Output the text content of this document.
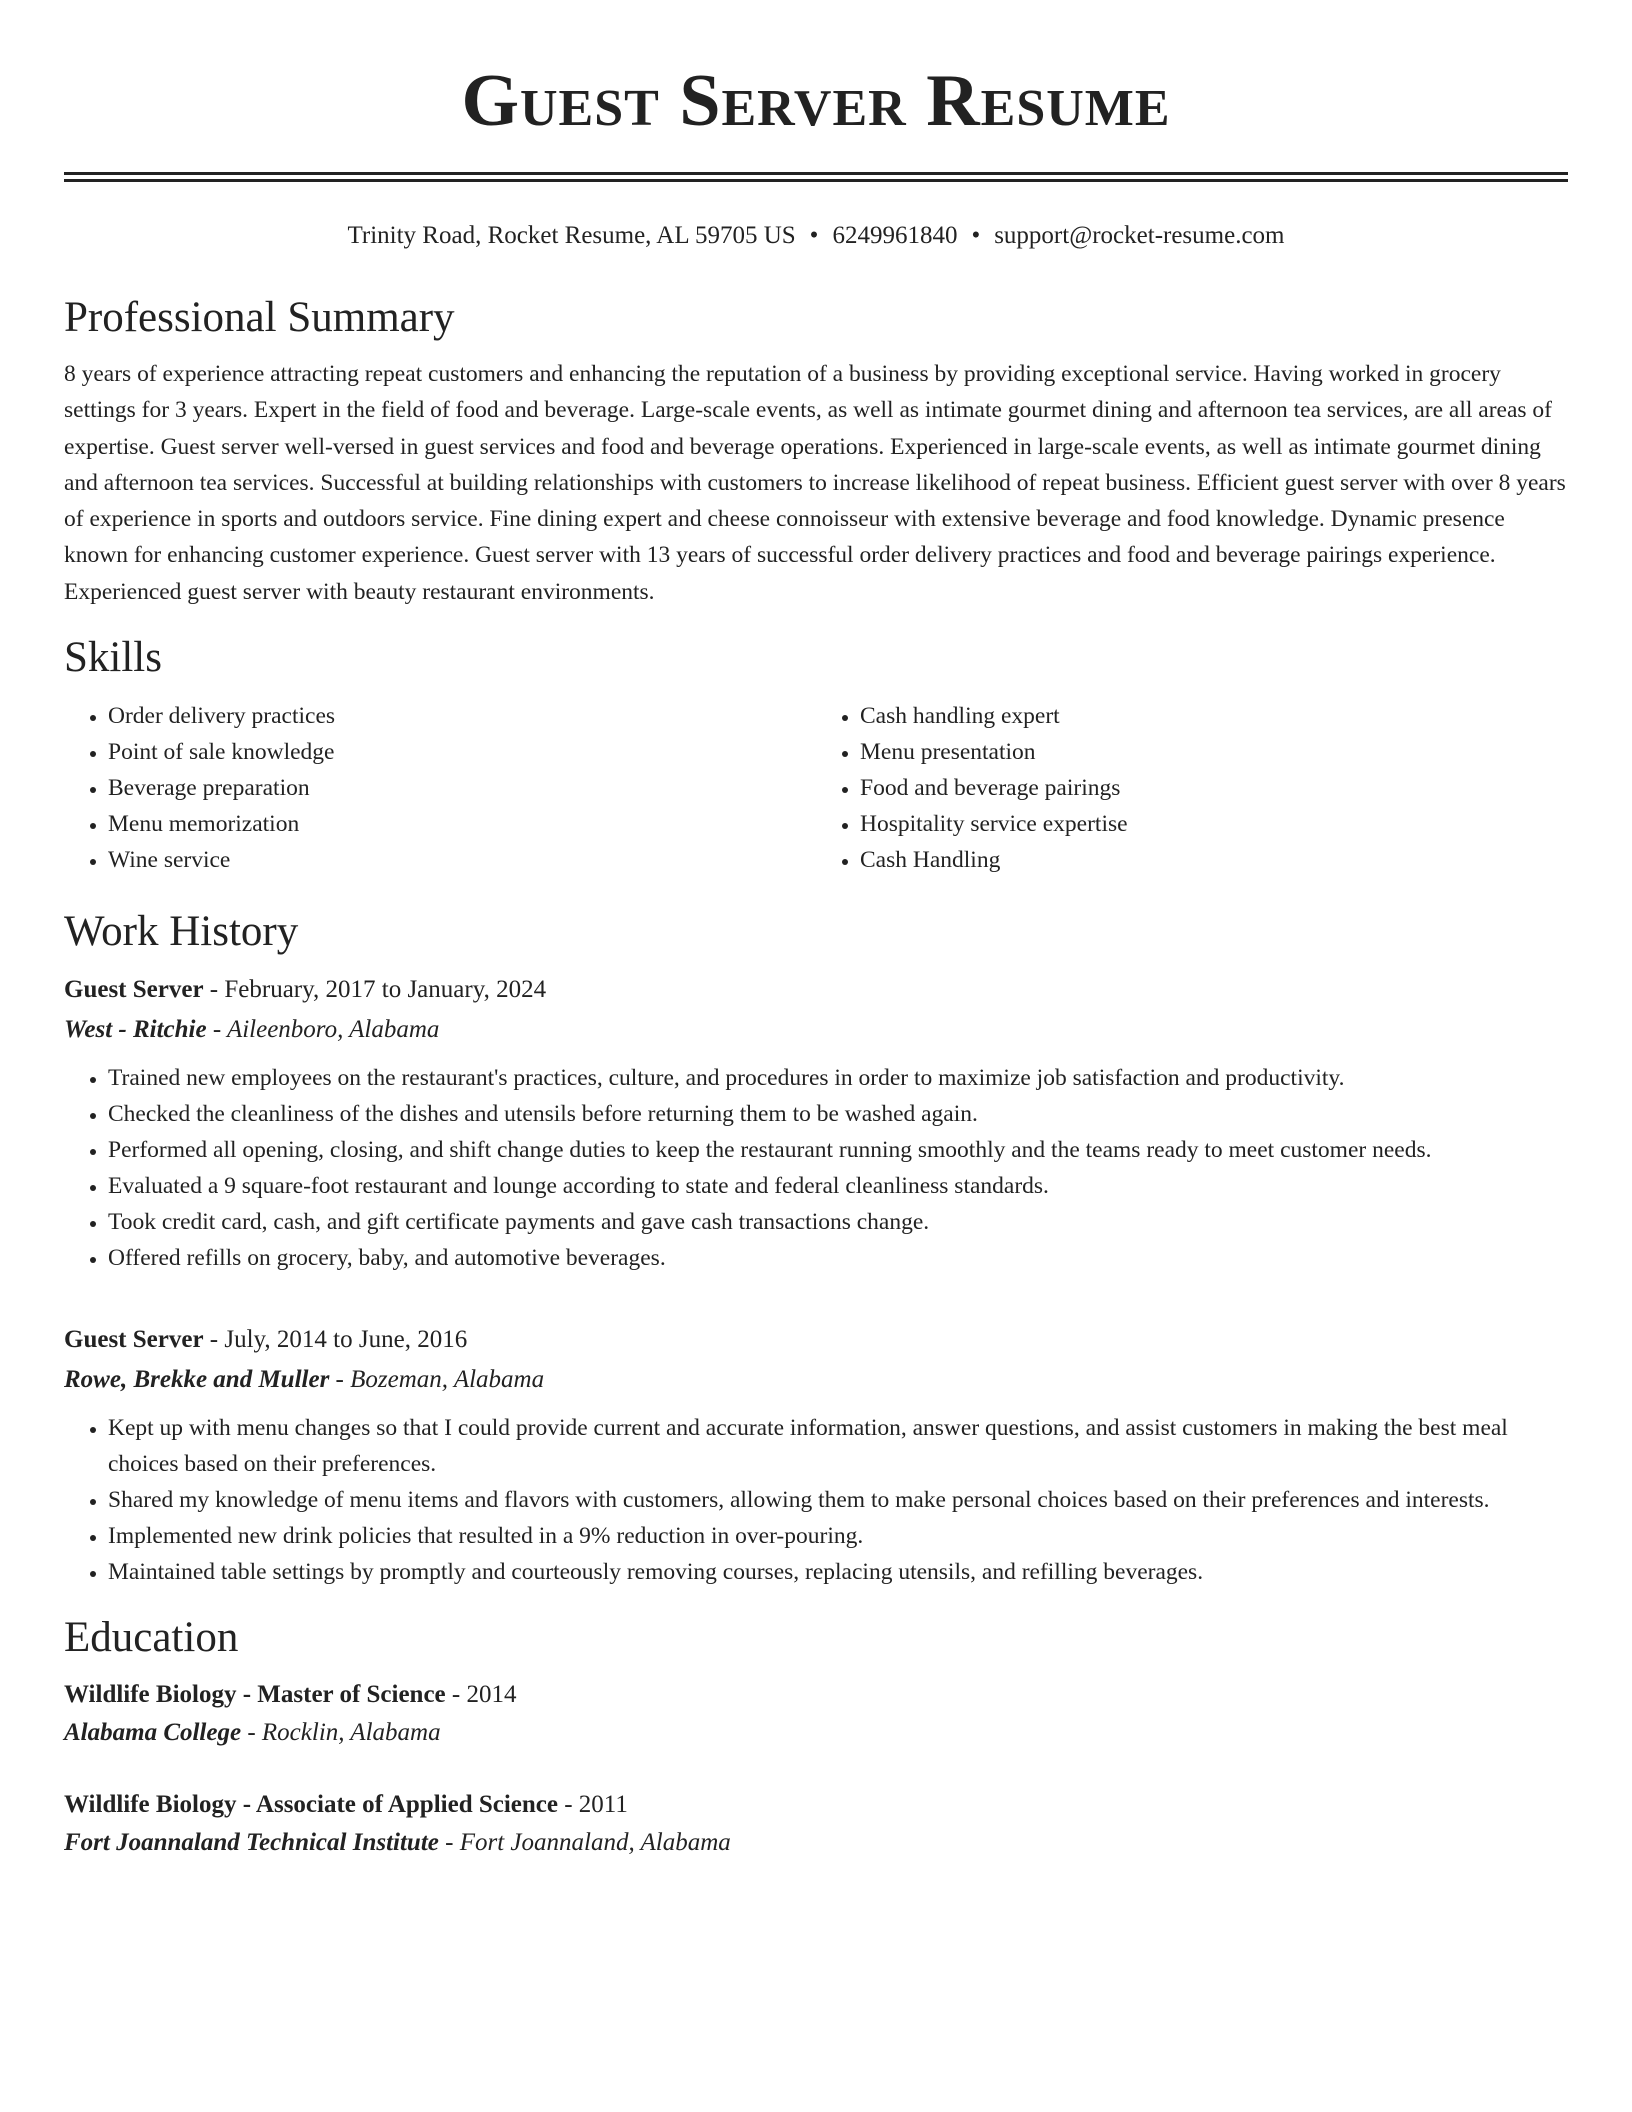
Guest Server Resume
Trinity Road, Rocket Resume, AL 59705 US • 6249961840 • support@rocket-resume.com
Professional Summary

8 years of experience attracting repeat customers and enhancing the reputation of a business by providing exceptional service. Having worked in grocery settings for 3 years. Expert in the field of food and beverage. Large-scale events, as well as intimate gourmet dining and afternoon tea services, are all areas of expertise. Guest server well-versed in guest services and food and beverage operations. Experienced in large-scale events, as well as intimate gourmet dining and afternoon tea services. Successful at building relationships with customers to increase likelihood of repeat business. Efficient guest server with over 8 years of experience in sports and outdoors service. Fine dining expert and cheese connoisseur with extensive beverage and food knowledge. Dynamic presence known for enhancing customer experience. Guest server with 13 years of successful order delivery practices and food and beverage pairings experience. Experienced guest server with beauty restaurant environments.

Skills
• Order delivery practices
• Point of sale knowledge
• Beverage preparation
• Menu memorization
• Wine service
• Cash handling expert
• Menu presentation
• Food and beverage pairings
• Hospitality service expertise
• Cash Handling
Work History
Guest Server - February, 2017 to January, 2024
West - Ritchie - Aileenboro, Alabama
• Trained new employees on the restaurant's practices, culture, and procedures in order to maximize job satisfaction and productivity.
• Checked the cleanliness of the dishes and utensils before returning them to be washed again.
• Performed all opening, closing, and shift change duties to keep the restaurant running smoothly and the teams ready to meet customer needs.
• Evaluated a 9 square-foot restaurant and lounge according to state and federal cleanliness standards.
• Took credit card, cash, and gift certificate payments and gave cash transactions change.
• Offered refills on grocery, baby, and automotive beverages.
Guest Server - July, 2014 to June, 2016
Rowe, Brekke and Muller - Bozeman, Alabama
• Kept up with menu changes so that I could provide current and accurate information, answer questions, and assist customers in making the best meal choices based on their preferences.
• Shared my knowledge of menu items and flavors with customers, allowing them to make personal choices based on their preferences and interests.
• Implemented new drink policies that resulted in a 9% reduction in over-pouring.
• Maintained table settings by promptly and courteously removing courses, replacing utensils, and refilling beverages.
Education
Wildlife Biology - Master of Science - 2014
Alabama College - Rocklin, Alabama
Wildlife Biology - Associate of Applied Science - 2011
Fort Joannaland Technical Institute - Fort Joannaland, Alabama
